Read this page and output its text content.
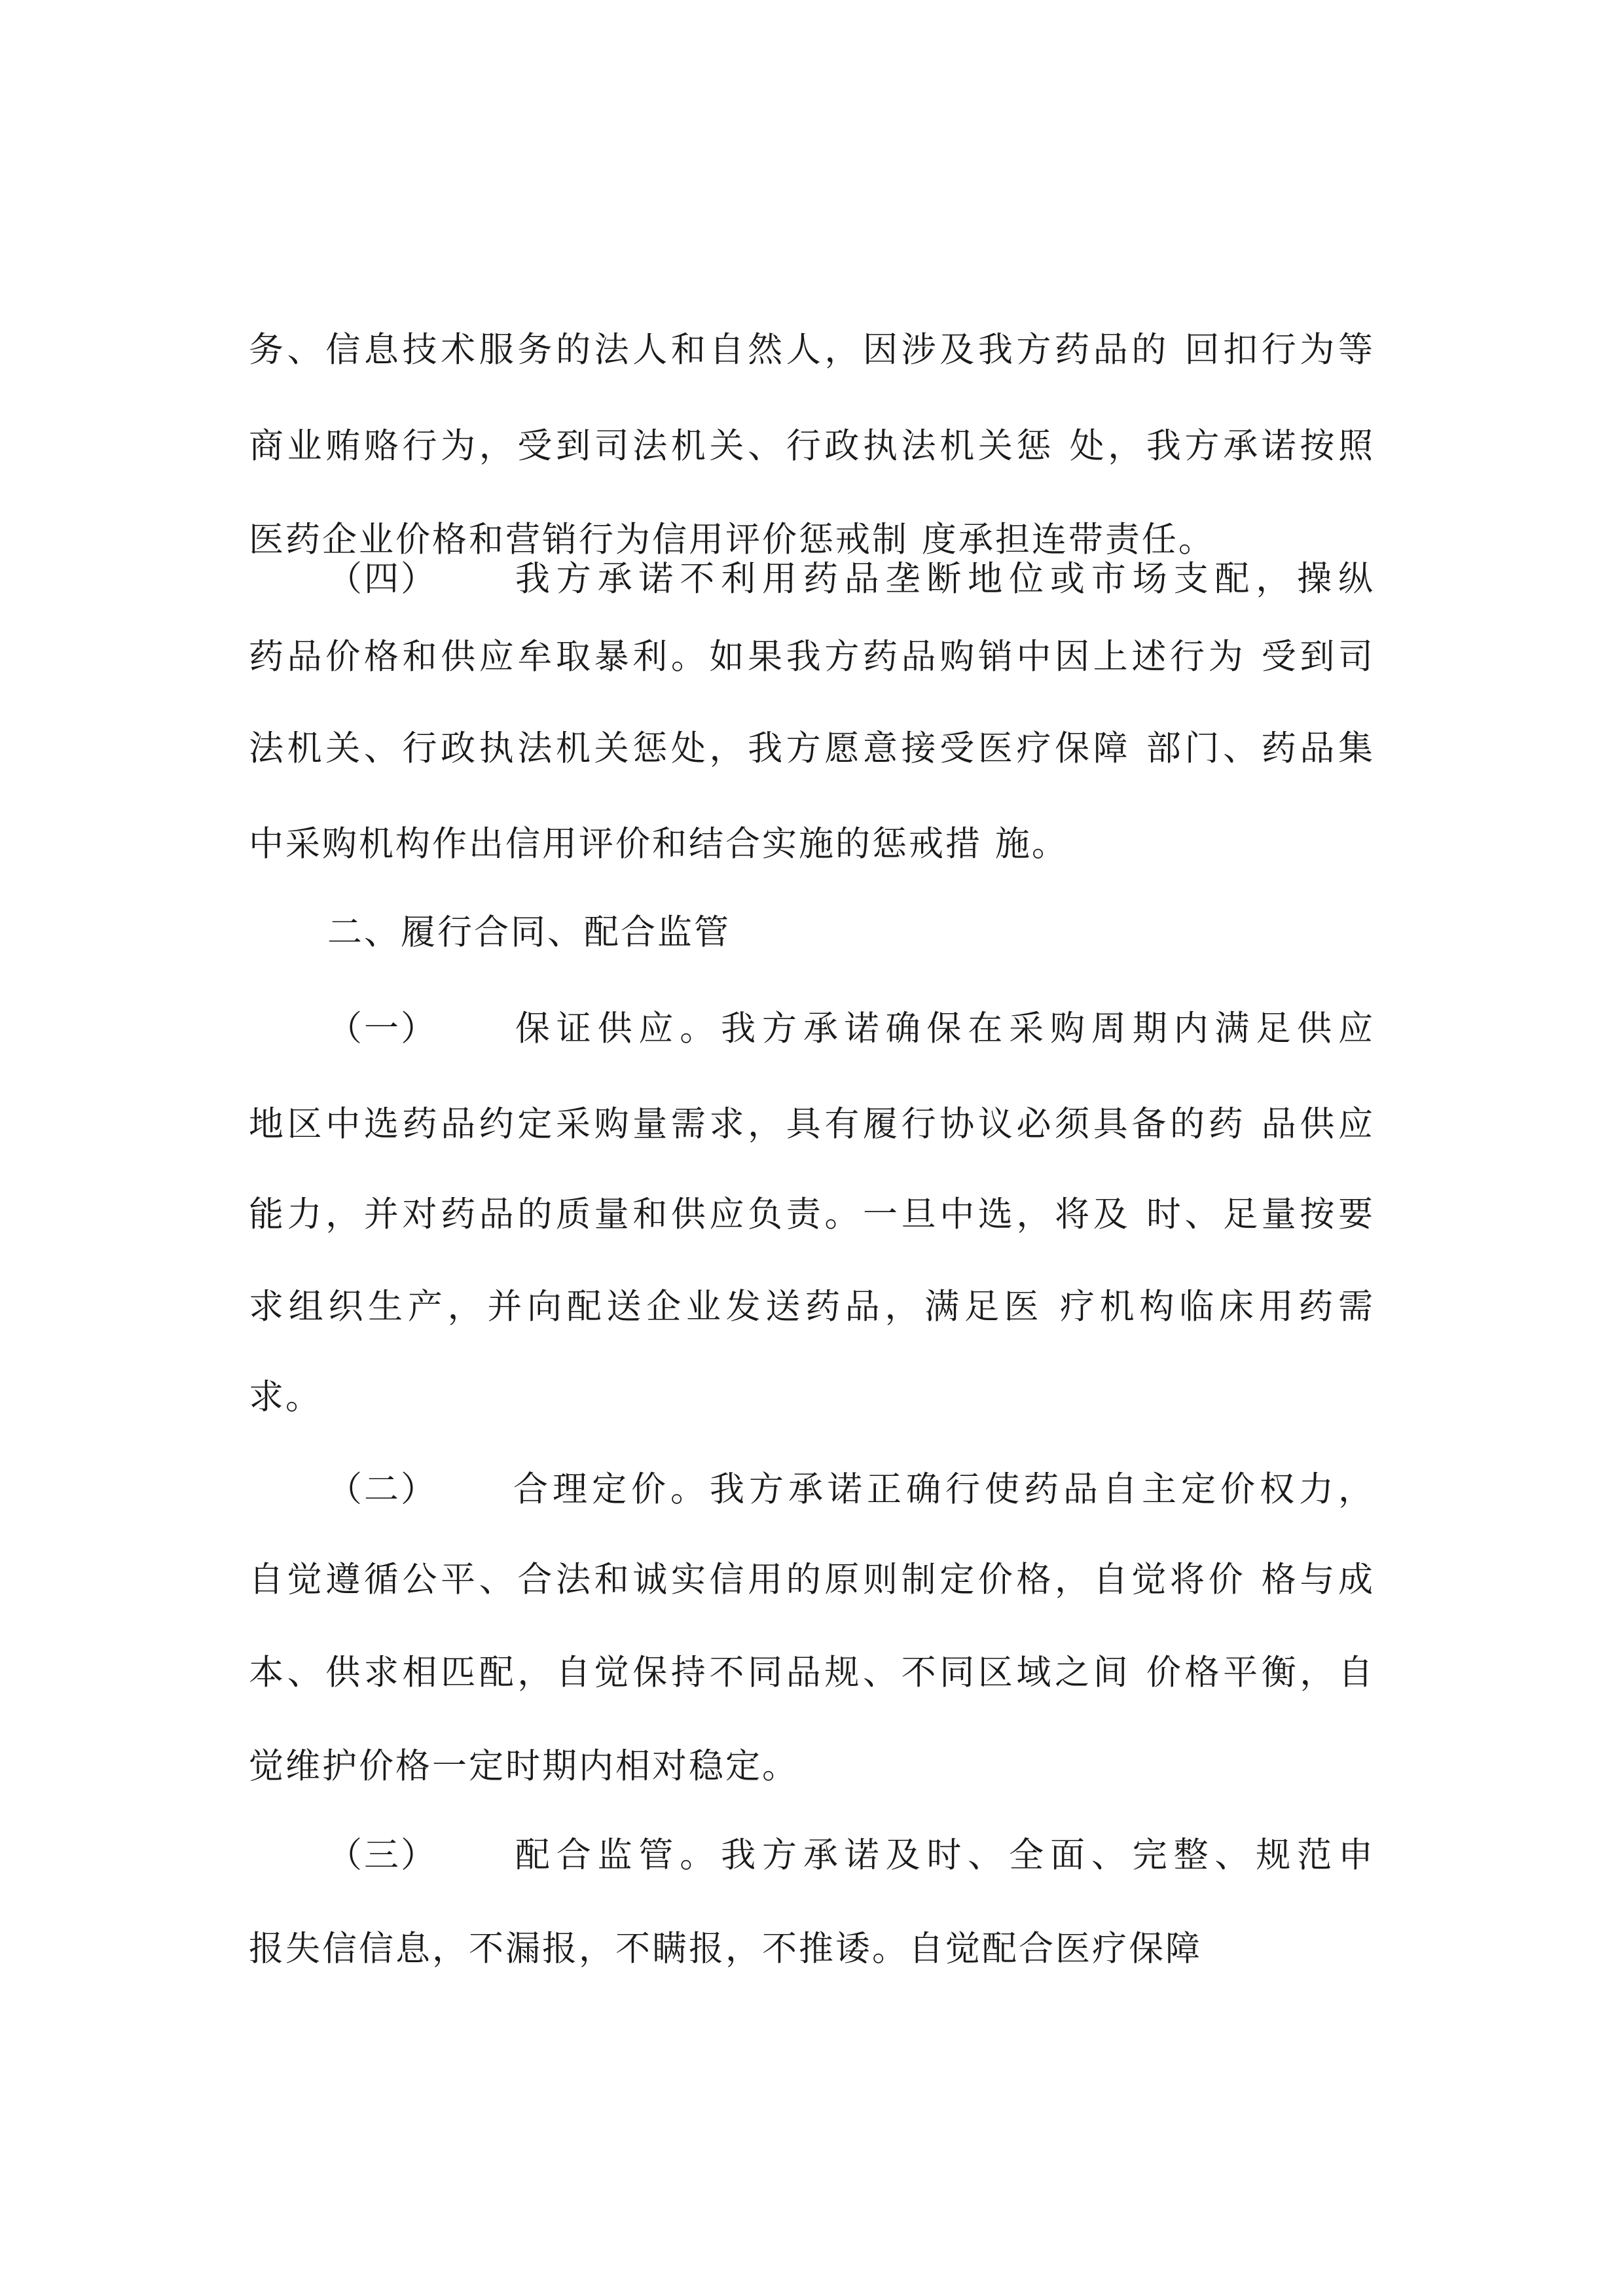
务、信息技术服务的法人和自然人，因涉及我方药品的 回扣行为等
商业贿赂行为，受到司法机关、行政执法机关惩 处，我方承诺按照
医药企业价格和营销行为信用评价惩戒制 度承担连带责任。
（四） 我方承诺不利用药品垄断地位或市场支配，操纵
药品价格和供应牟取暴利。如果我方药品购销中因上述行为 受到司
法机关、行政执法机关惩处，我方愿意接受医疗保障 部门、药品集
中采购机构作出信用评价和结合实施的惩戒措 施。
二、履行合同、配合监管
（一） 保证供应。我方承诺确保在采购周期内满足供应
地区中选药品约定采购量需求，具有履行协议必须具备的药 品供应
能力，并对药品的质量和供应负责。一旦中选，将及 时、足量按要
求组织生产，并向配送企业发送药品，满足医 疗机构临床用药需
求。
（二） 合理定价。我方承诺正确行使药品自主定价权力，
自觉遵循公平、合法和诚实信用的原则制定价格，自觉将价 格与成
本、供求相匹配，自觉保持不同品规、不同区域之间 价格平衡，自
觉维护价格一定时期内相对稳定。
（三） 配合监管。我方承诺及时、全面、完整、规范申
报失信信息，不漏报，不瞒报，不推诿。自觉配合医疗保障
